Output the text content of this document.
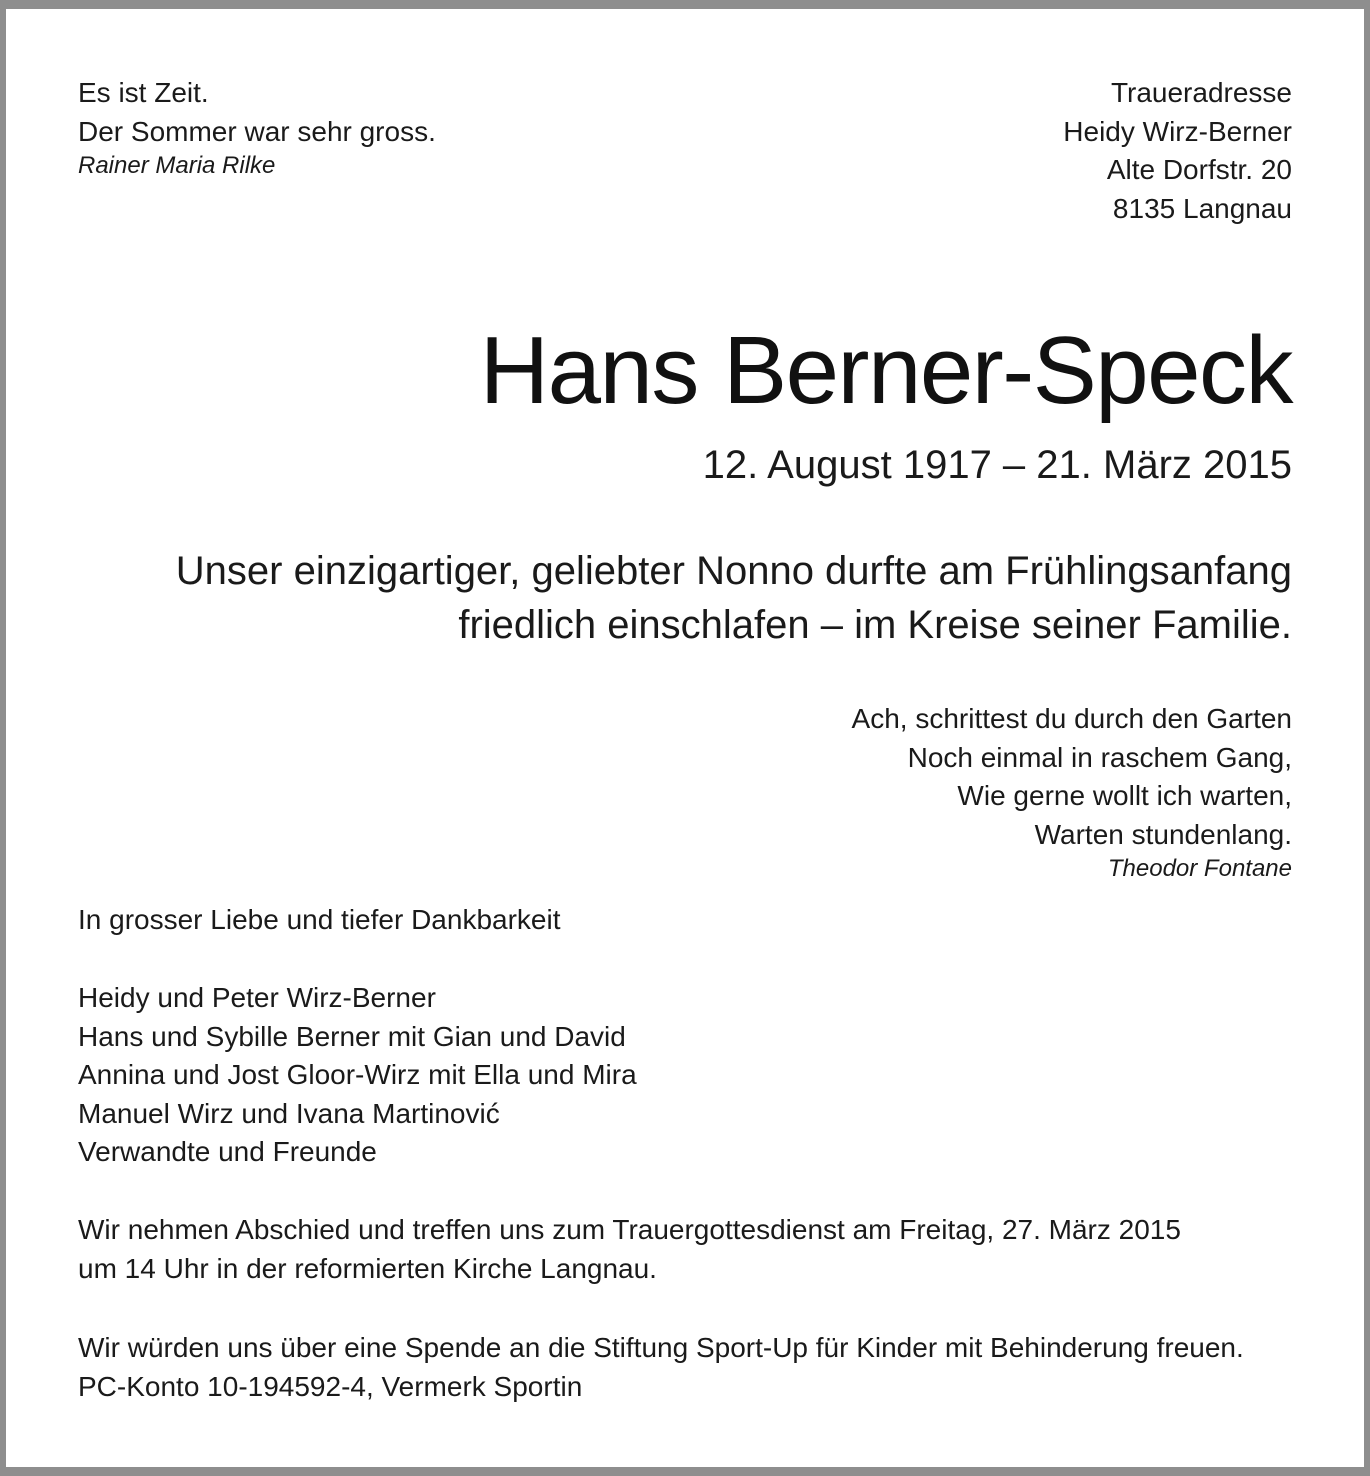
Es ist Zeit.
Der Sommer war sehr gross.
Rainer Maria Rilke
Traueradresse
Heidy Wirz-Berner
Alte Dorfstr. 20
8135 Langnau
Hans Berner-Speck
12. August 1917 – 21. März 2015
Unser einzigartiger, geliebter Nonno durfte am Frühlingsanfang
friedlich einschlafen – im Kreise seiner Familie.
Ach, schrittest du durch den Garten
Noch einmal in raschem Gang,
Wie gerne wollt ich warten,
Warten stundenlang.
Theodor Fontane
In grosser Liebe und tiefer Dankbarkeit
Heidy und Peter Wirz-Berner
Hans und Sybille Berner mit Gian und David
Annina und Jost Gloor-Wirz mit Ella und Mira
Manuel Wirz und Ivana Martinović
Verwandte und Freunde
Wir nehmen Abschied und treffen uns zum Trauergottesdienst am Freitag, 27. März 2015
um 14 Uhr in der reformierten Kirche Langnau.
Wir würden uns über eine Spende an die Stiftung Sport-Up für Kinder mit Behinderung freuen.
PC-Konto 10-194592-4, Vermerk Sportin
